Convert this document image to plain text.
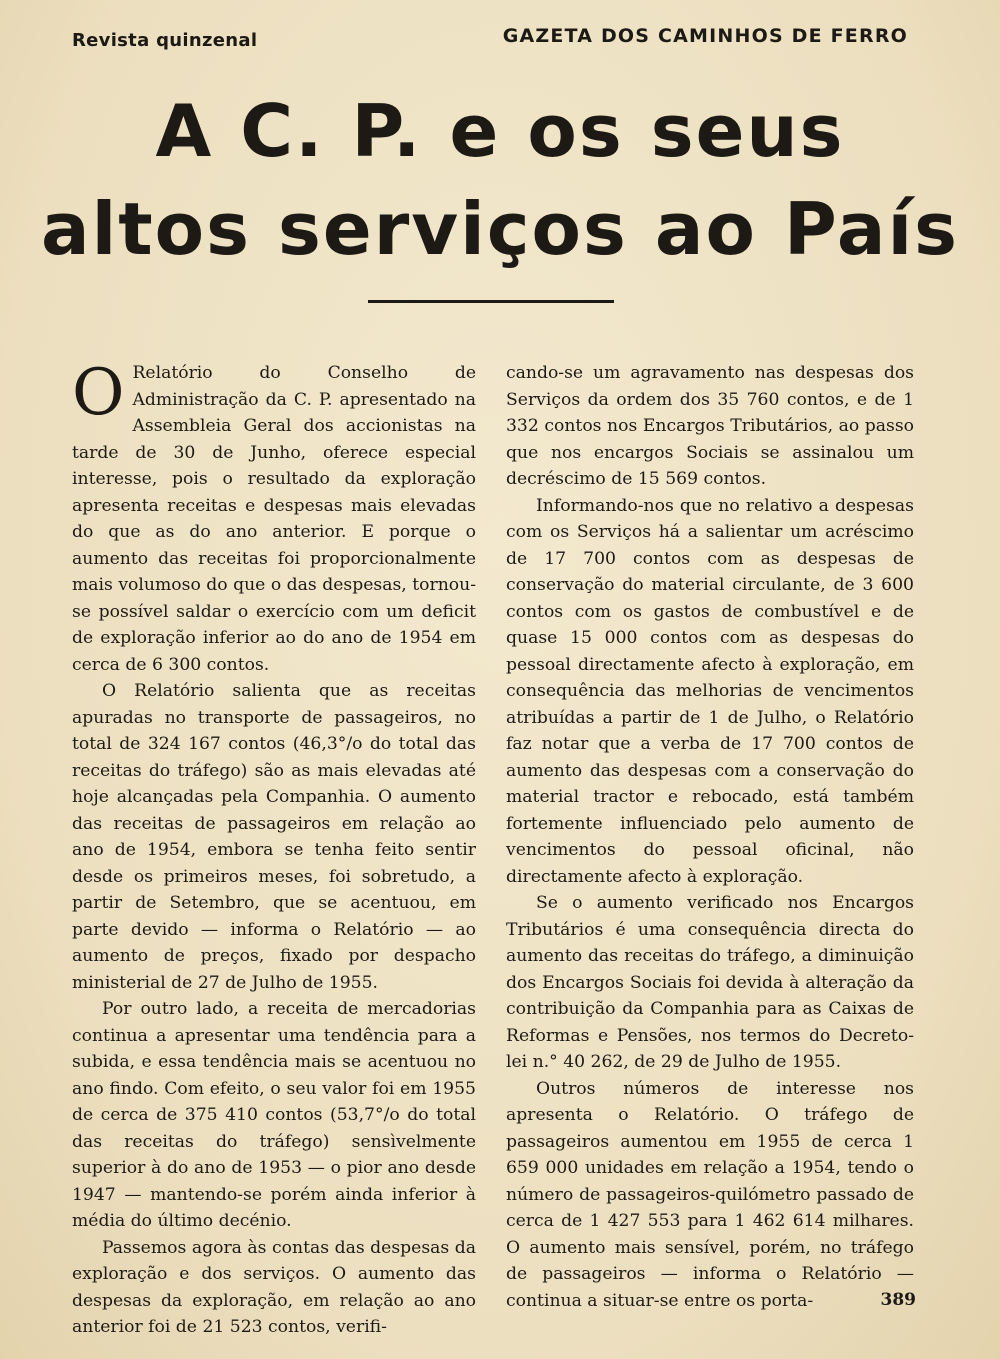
Revista quinzenal	GAZETA DOS CAMINHOS DE FERRO
A C. P. e os seus altos serviços ao País

O Relatório do Conselho de Administração da C. P. apresentado na Assembleia Geral dos accionistas na tarde de 30 de Junho, oferece especial interesse, pois o resultado da exploração apresenta receitas e despesas mais elevadas do que as do ano anterior. E porque o aumento das receitas foi proporcionalmente mais volumoso do que o das despesas, tornou-se possível saldar o exercício com um deficit de exploração inferior ao do ano de 1954 em cerca de 6 300 contos.

O Relatório salienta que as receitas apuradas no transporte de passageiros, no total de 324 167 contos (46,3°/o do total das receitas do tráfego) são as mais elevadas até hoje alcançadas pela Companhia. O aumento das receitas de passageiros em relação ao ano de 1954, embora se tenha feito sentir desde os primeiros meses, foi sobretudo, a partir de Setembro, que se acentuou, em parte devido — informa o Relatório — ao aumento de preços, fixado por despacho ministerial de 27 de Julho de 1955.

Por outro lado, a receita de mercadorias continua a apresentar uma tendência para a subida, e essa tendência mais se acentuou no ano findo. Com efeito, o seu valor foi em 1955 de cerca de 375 410 contos (53,7°/o do total das receitas do tráfego) sensìvelmente superior à do ano de 1953 — o pior ano desde 1947 — mantendo-se porém ainda inferior à média do último decénio.

Passemos agora às contas das despesas da exploração e dos serviços. O aumento das despesas da exploração, em relação ao ano anterior foi de 21 523 contos, verifi-

cando-se um agravamento nas despesas dos Serviços da ordem dos 35 760 contos, e de 1 332 contos nos Encargos Tributários, ao passo que nos encargos Sociais se assinalou um decréscimo de 15 569 contos.

Informando-nos que no relativo a despesas com os Serviços há a salientar um acréscimo de 17 700 contos com as despesas de conservação do material circulante, de 3 600 contos com os gastos de combustível e de quase 15 000 contos com as despesas do pessoal directamente afecto à exploração, em consequência das melhorias de vencimentos atribuídas a partir de 1 de Julho, o Relatório faz notar que a verba de 17 700 contos de aumento das despesas com a conservação do material tractor e rebocado, está também fortemente influenciado pelo aumento de vencimentos do pessoal oficinal, não directamente afecto à exploração.

Se o aumento verificado nos Encargos Tributários é uma consequência directa do aumento das receitas do tráfego, a diminuição dos Encargos Sociais foi devida à alteração da contribuição da Companhia para as Caixas de Reformas e Pensões, nos termos do Decreto-lei n.° 40 262, de 29 de Julho de 1955.

Outros números de interesse nos apresenta o Relatório. O tráfego de passageiros aumentou em 1955 de cerca 1 659 000 unidades em relação a 1954, tendo o número de passageiros-quilómetro passado de cerca de 1 427 553 para 1 462 614 milhares. O aumento mais sensível, porém, no tráfego de passageiros — informa o Relatório — continua a situar-se entre os porta-	389
